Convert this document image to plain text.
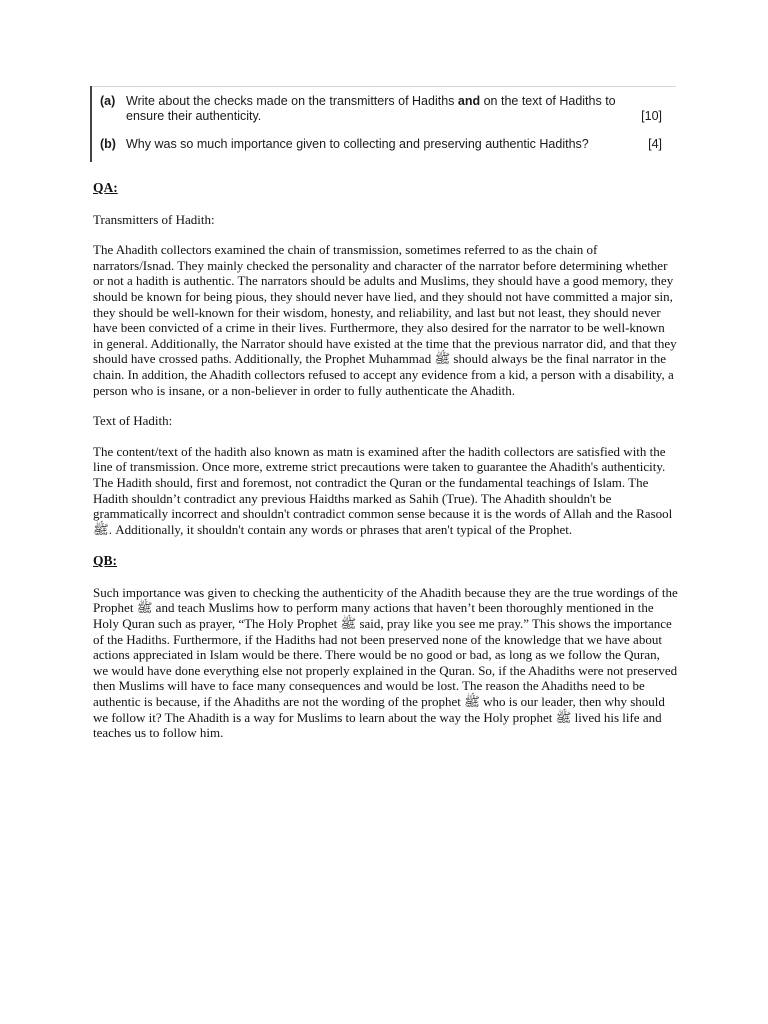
(a) Write about the checks made on the transmitters of Hadiths and on the text of Hadiths to ensure their authenticity.	[10]
(b) Why was so much importance given to collecting and preserving authentic Hadiths?	[4]

QA:

Transmitters of Hadith:

The Ahadith collectors examined the chain of transmission, sometimes referred to as the chain of narrators/Isnad. They mainly checked the personality and character of the narrator before determining whether or not a hadith is authentic. The narrators should be adults and Muslims, they should have a good memory, they should be known for being pious, they should never have lied, and they should not have committed a major sin, they should be well-known for their wisdom, honesty, and reliability, and last but not least, they should never have been convicted of a crime in their lives. Furthermore, they also desired for the narrator to be well-known in general. Additionally, the Narrator should have existed at the time that the previous narrator did, and that they should have crossed paths. Additionally, the Prophet Muhammad ﷺ should always be the final narrator in the chain. In addition, the Ahadith collectors refused to accept any evidence from a kid, a person with a disability, a person who is insane, or a non-believer in order to fully authenticate the Ahadith.

Text of Hadith:

The content/text of the hadith also known as matn is examined after the hadith collectors are satisfied with the line of transmission. Once more, extreme strict precautions were taken to guarantee the Ahadith's authenticity. The Hadith should, first and foremost, not contradict the Quran or the fundamental teachings of Islam. The Hadith shouldn’t contradict any previous Haidths marked as Sahih (True). The Ahadith shouldn't be grammatically incorrect and shouldn't contradict common sense because it is the words of Allah and the Rasool ﷺ. Additionally, it shouldn't contain any words or phrases that aren't typical of the Prophet.

QB:

Such importance was given to checking the authenticity of the Ahadith because they are the true wordings of the Prophet ﷺ and teach Muslims how to perform many actions that haven’t been thoroughly mentioned in the Holy Quran such as prayer, “The Holy Prophet ﷺ said, pray like you see me pray.” This shows the importance of the Hadiths. Furthermore, if the Hadiths had not been preserved none of the knowledge that we have about actions appreciated in Islam would be there. There would be no good or bad, as long as we follow the Quran, we would have done everything else not properly explained in the Quran. So, if the Ahadiths were not preserved then Muslims will have to face many consequences and would be lost. The reason the Ahadiths need to be authentic is because, if the Ahadiths are not the wording of the prophet ﷺ who is our leader, then why should we follow it? The Ahadith is a way for Muslims to learn about the way the Holy prophet ﷺ lived his life and teaches us to follow him.
